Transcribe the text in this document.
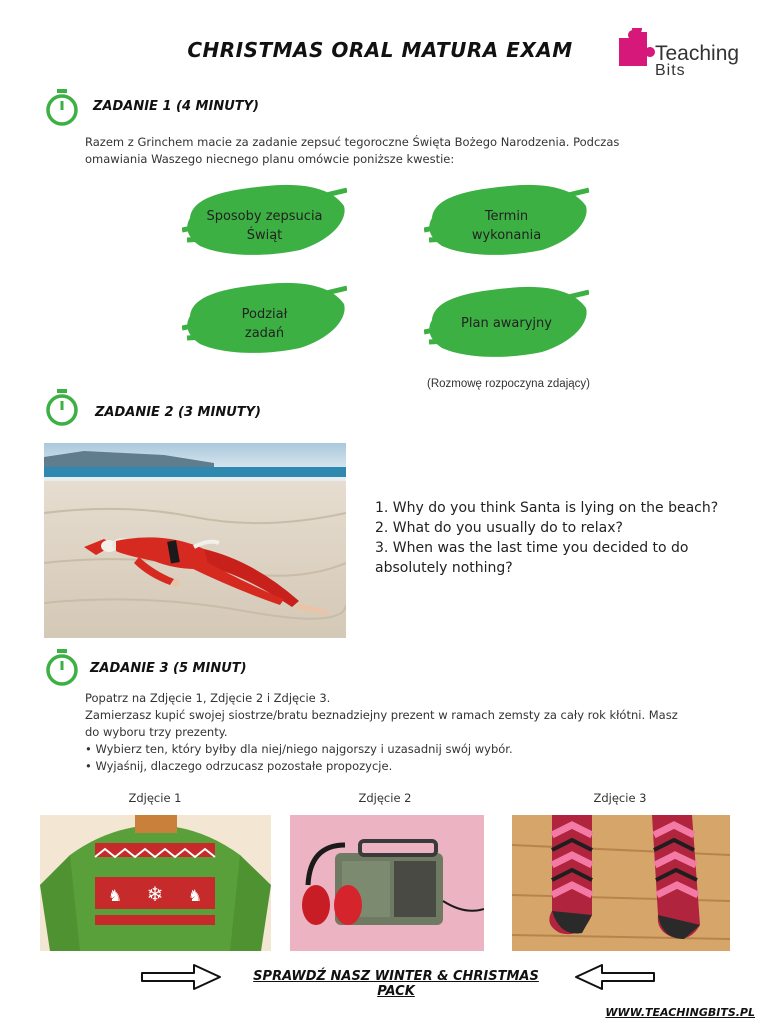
CHRISTMAS ORAL MATURA EXAM	Teaching
Bits
ZADANIE 1 (4 MINUTY)
Razem z Grinchem macie za zadanie zepsuć tegoroczne Święta Bożego Narodzenia. Podczas
omawiania Waszego niecnego planu omówcie poniższe kwestie:
Sposoby zepsucia
Świąt
Termin
wykonania
Podział
zadań
Plan awaryjny
(Rozmowę rozpoczyna zdający)
ZADANIE 2 (3 MINUTY)
1. Why do you think Santa is lying on the beach?
2. What do you usually do to relax?
3. When was the last time you decided to do
absolutely nothing?
ZADANIE 3 (5 MINUT)
Popatrz na Zdjęcie 1, Zdjęcie 2 i Zdjęcie 3.
Zamierzasz kupić swojej siostrze/bratu beznadziejny prezent w ramach zemsty za cały rok kłótni. Masz
do wyboru trzy prezenty.
• Wybierz ten, który byłby dla niej/niego najgorszy i uzasadnij swój wybór.
• Wyjaśnij, dlaczego odrzucasz pozostałe propozycje.
Zdjęcie 1	Zdjęcie 2	Zdjęcie 3
❄
♞	♞
SPRAWDŹ NASZ WINTER & CHRISTMAS PACK
WWW.TEACHINGBITS.PL
